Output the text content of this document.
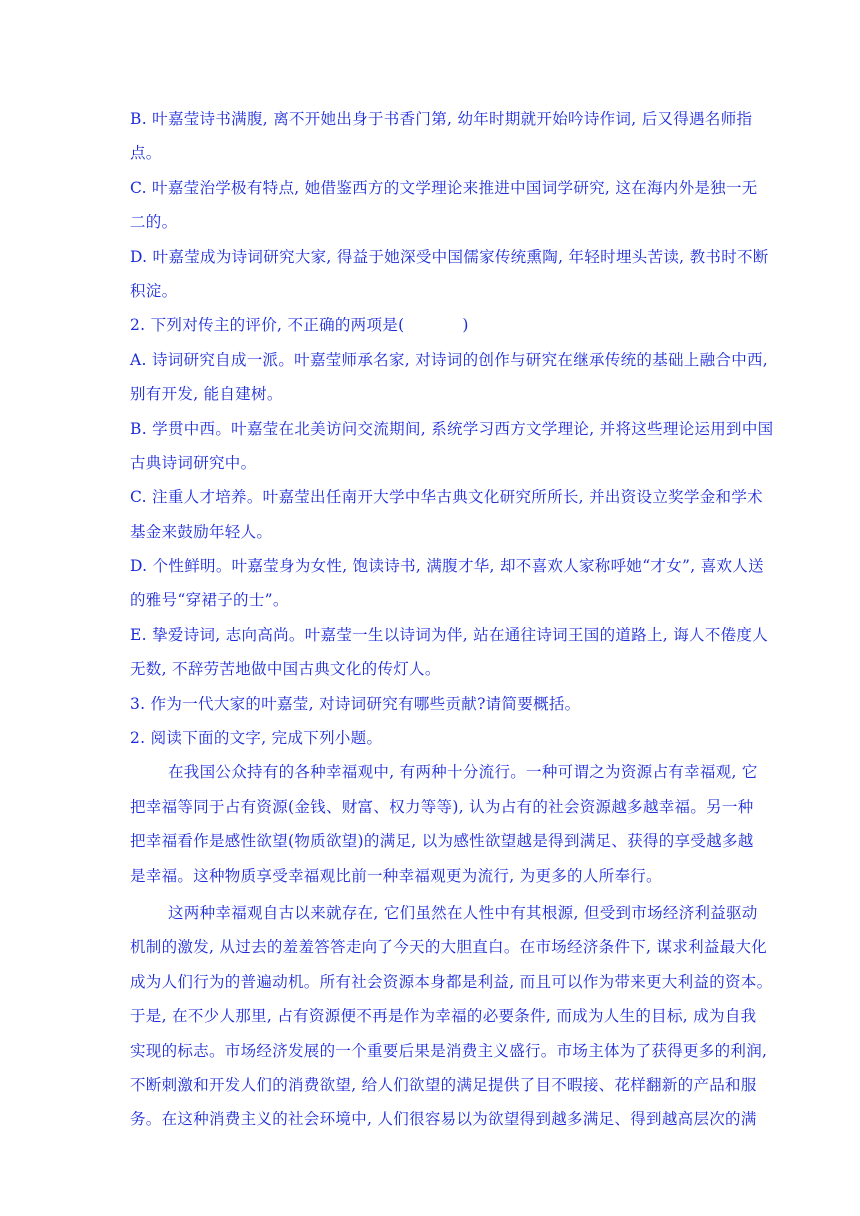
B. 叶嘉莹诗书满腹, 离不开她出身于书香门第, 幼年时期就开始吟诗作词, 后又得遇名师指
点。
C. 叶嘉莹治学极有特点, 她借鉴西方的文学理论来推进中国词学研究, 这在海内外是独一无
二的。
D. 叶嘉莹成为诗词研究大家, 得益于她深受中国儒家传统熏陶, 年轻时埋头苦读, 教书时不断
积淀。
2. 下列对传主的评价, 不正确的两项是(	)
A. 诗词研究自成一派。叶嘉莹师承名家, 对诗词的创作与研究在继承传统的基础上融合中西,
别有开发, 能自建树。
B. 学贯中西。叶嘉莹在北美访问交流期间, 系统学习西方文学理论, 并将这些理论运用到中国
古典诗词研究中。
C. 注重人才培养。叶嘉莹出任南开大学中华古典文化研究所所长, 并出资设立奖学金和学术
基金来鼓励年轻人。
D. 个性鲜明。叶嘉莹身为女性, 饱读诗书, 满腹才华, 却不喜欢人家称呼她“才女”, 喜欢人送
的雅号“穿裙子的士”。
E. 挚爱诗词, 志向高尚。叶嘉莹一生以诗词为伴, 站在通往诗词王国的道路上, 诲人不倦度人
无数, 不辞劳苦地做中国古典文化的传灯人。
3. 作为一代大家的叶嘉莹, 对诗词研究有哪些贡献?请简要概括。
2. 阅读下面的文字, 完成下列小题。
在我国公众持有的各种幸福观中, 有两种十分流行。一种可谓之为资源占有幸福观, 它
把幸福等同于占有资源(金钱、财富、权力等等), 认为占有的社会资源越多越幸福。另一种
把幸福看作是感性欲望(物质欲望)的满足, 以为感性欲望越是得到满足、获得的享受越多越
是幸福。这种物质享受幸福观比前一种幸福观更为流行, 为更多的人所奉行。
这两种幸福观自古以来就存在, 它们虽然在人性中有其根源, 但受到市场经济利益驱动
机制的激发, 从过去的羞羞答答走向了今天的大胆直白。在市场经济条件下, 谋求利益最大化
成为人们行为的普遍动机。所有社会资源本身都是利益, 而且可以作为带来更大利益的资本。
于是, 在不少人那里, 占有资源便不再是作为幸福的必要条件, 而成为人生的目标, 成为自我
实现的标志。市场经济发展的一个重要后果是消费主义盛行。市场主体为了获得更多的利润,
不断刺激和开发人们的消费欲望, 给人们欲望的满足提供了目不暇接、花样翻新的产品和服
务。在这种消费主义的社会环境中, 人们很容易以为欲望得到越多满足、得到越高层次的满
